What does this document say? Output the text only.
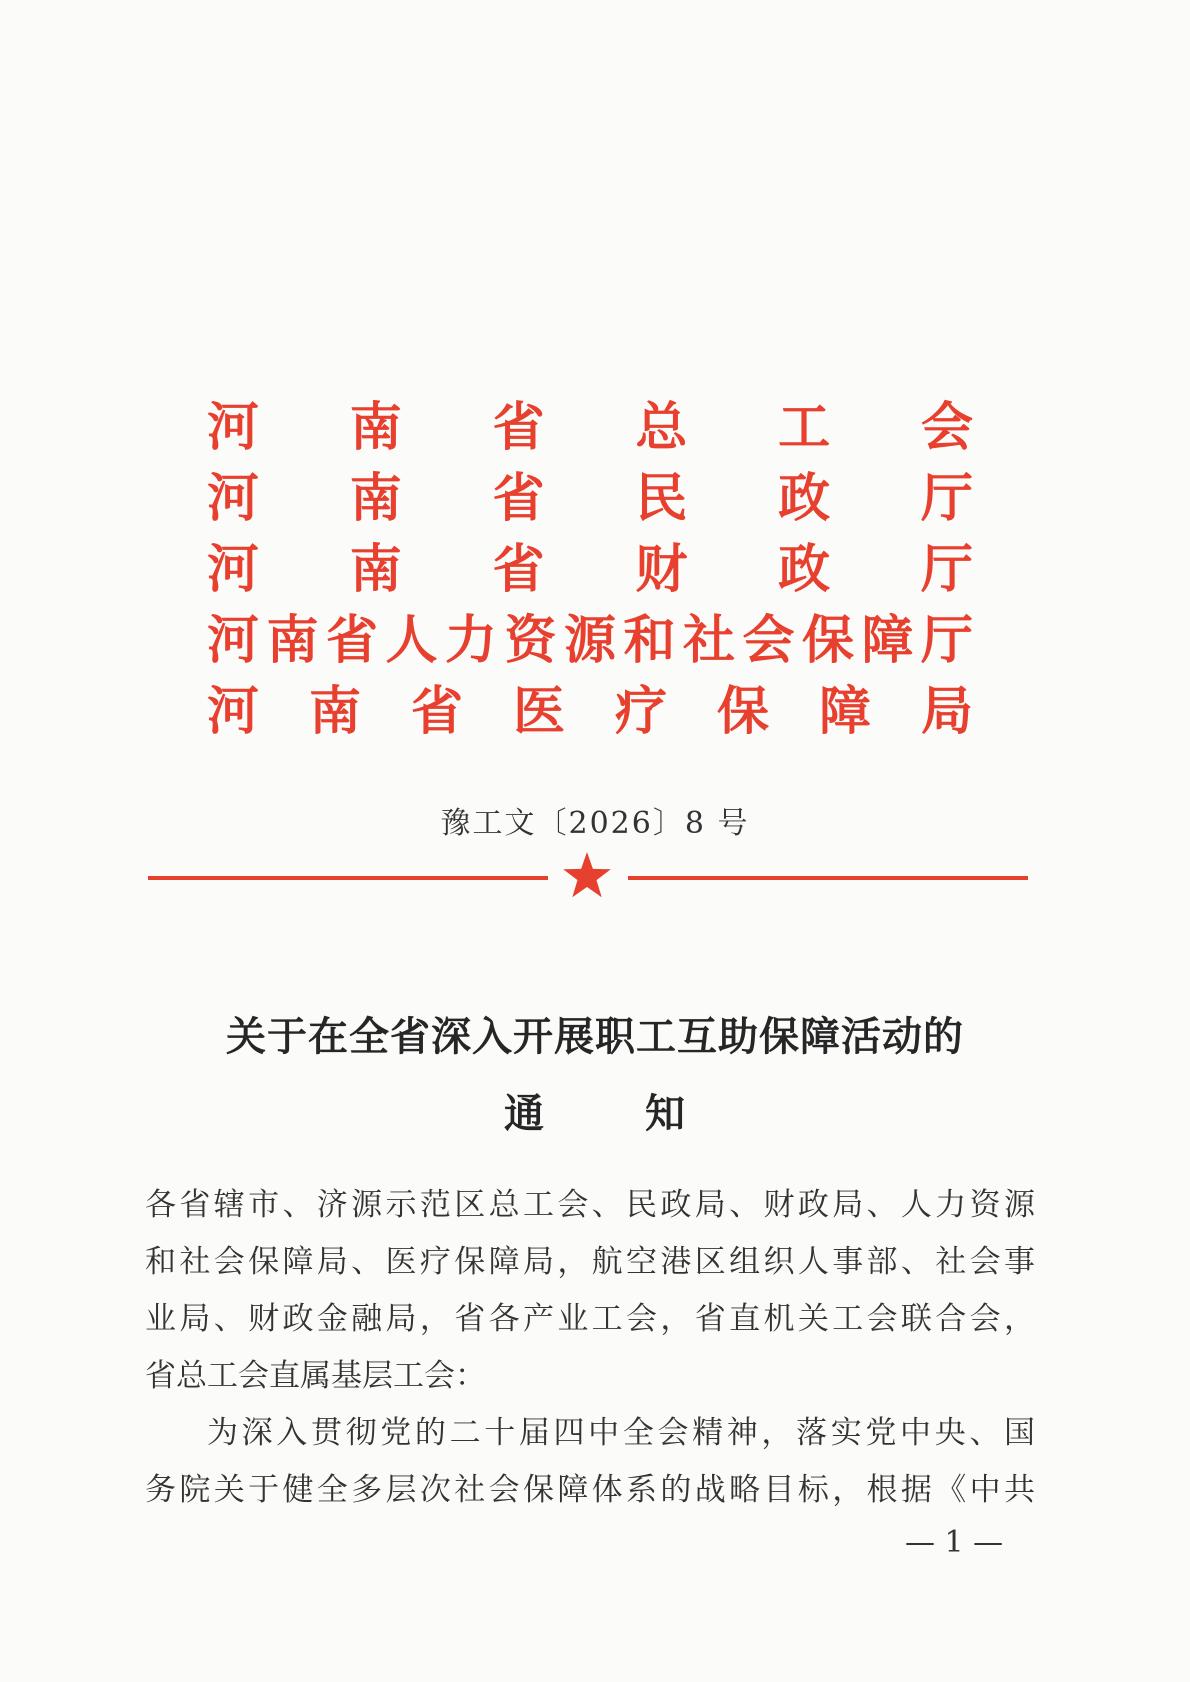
河 南 省 总 工 会
河 南 省 民 政 厅
河 南 省 财 政 厅
河 南 省 人 力 资 源 和 社 会 保 障 厅
河 南 省 医 疗 保 障 局
豫工文〔2026〕8 号
关于在全省深入开展职工互助保障活动的
通	知
各省辖市、济源示范区总工会、民政局、财政局、人力资源
和社会保障局、医疗保障局，航空港区组织人事部、社会事
业局、财政金融局，省各产业工会，省直机关工会联合会，
省总工会直属基层工会：
为深入贯彻党的二十届四中全会精神，落实党中央、国
务院关于健全多层次社会保障体系的战略目标，根据《中共
— 1 —
